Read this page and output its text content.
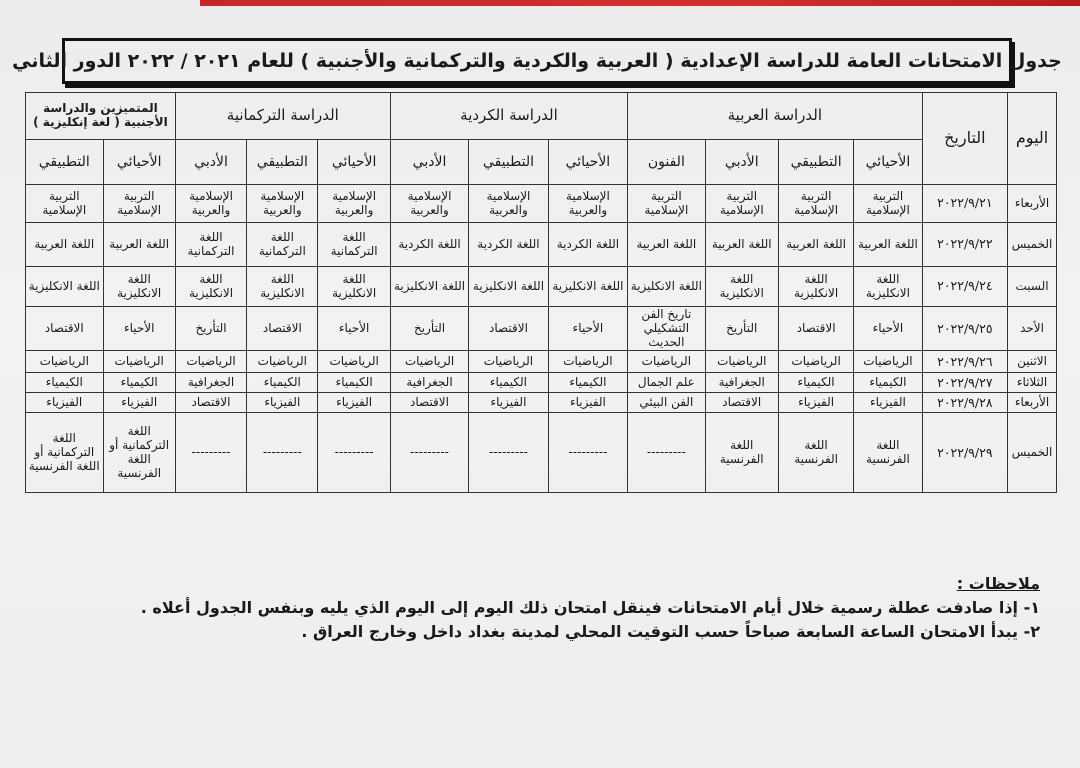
جدول الامتحانات العامة للدراسة الإعدادية ( العربية والكردية والتركمانية والأجنبية ) للعام ٢٠٢١ / ٢٠٢٢ الدور الثاني
اليوم	التاريخ	الدراسة العربية				الدراسة الكردية			الدراسة التركمانية			المتميزين والدراسة الأجنبية ( لغة إنكليزية )	
		الأحيائي	التطبيقي	الأدبي	الفنون	الأحيائي	التطبيقي	الأدبي	الأحيائي	التطبيقي	الأدبي	الأحيائي	التطبيقي
الأربعاء	٢٠٢٢/٩/٢١	التربية الإسلامية	التربية الإسلامية	التربية الإسلامية	التربية الإسلامية	الإسلامية والعربية	الإسلامية والعربية	الإسلامية والعربية	الإسلامية والعربية	الإسلامية والعربية	الإسلامية والعربية	التربية الإسلامية	التربية الإسلامية
الخميس	٢٠٢٢/٩/٢٢	اللغة العربية	اللغة العربية	اللغة العربية	اللغة العربية	اللغة الكردية	اللغة الكردية	اللغة الكردية	اللغة التركمانية	اللغة التركمانية	اللغة التركمانية	اللغة العربية	اللغة العربية
السبت	٢٠٢٢/٩/٢٤	اللغة الانكليزية	اللغة الانكليزية	اللغة الانكليزية	اللغة الانكليزية	اللغة الانكليزية	اللغة الانكليزية	اللغة الانكليزية	اللغة الانكليزية	اللغة الانكليزية	اللغة الانكليزية	اللغة الانكليزية	اللغة الانكليزية
الأحد	٢٠٢٢/٩/٢٥	الأحياء	الاقتصاد	التأريخ	تاريخ الفن التشكيلي الحديث	الأحياء	الاقتصاد	التأريخ	الأحياء	الاقتصاد	التأريخ	الأحياء	الاقتصاد
الاثنين	٢٠٢٢/٩/٢٦	الرياضيات	الرياضيات	الرياضيات	الرياضيات	الرياضيات	الرياضيات	الرياضيات	الرياضيات	الرياضيات	الرياضيات	الرياضيات	الرياضيات
الثلاثاء	٢٠٢٢/٩/٢٧	الكيمياء	الكيمياء	الجغرافية	علم الجمال	الكيمياء	الكيمياء	الجغرافية	الكيمياء	الكيمياء	الجغرافية	الكيمياء	الكيمياء
الأربعاء	٢٠٢٢/٩/٢٨	الفيزياء	الفيزياء	الاقتصاد	الفن البيئي	الفيزياء	الفيزياء	الاقتصاد	الفيزياء	الفيزياء	الاقتصاد	الفيزياء	الفيزياء
الخميس	٢٠٢٢/٩/٢٩	اللغة الفرنسية	اللغة الفرنسية	اللغة الفرنسية	---------	---------	---------	---------	---------	---------	---------	اللغة التركمانية أو اللغة الفرنسية	اللغة التركمانية أو اللغة الفرنسية
ملاحظات :

١- إذا صادفت عطلة رسمية خلال أيام الامتحانات فينقل امتحان ذلك اليوم إلى اليوم الذي يليه وبنفس الجدول أعلاه .

٢- يبدأ الامتحان الساعة السابعة صباحاً حسب التوقيت المحلي لمدينة بغداد داخل وخارج العراق .
